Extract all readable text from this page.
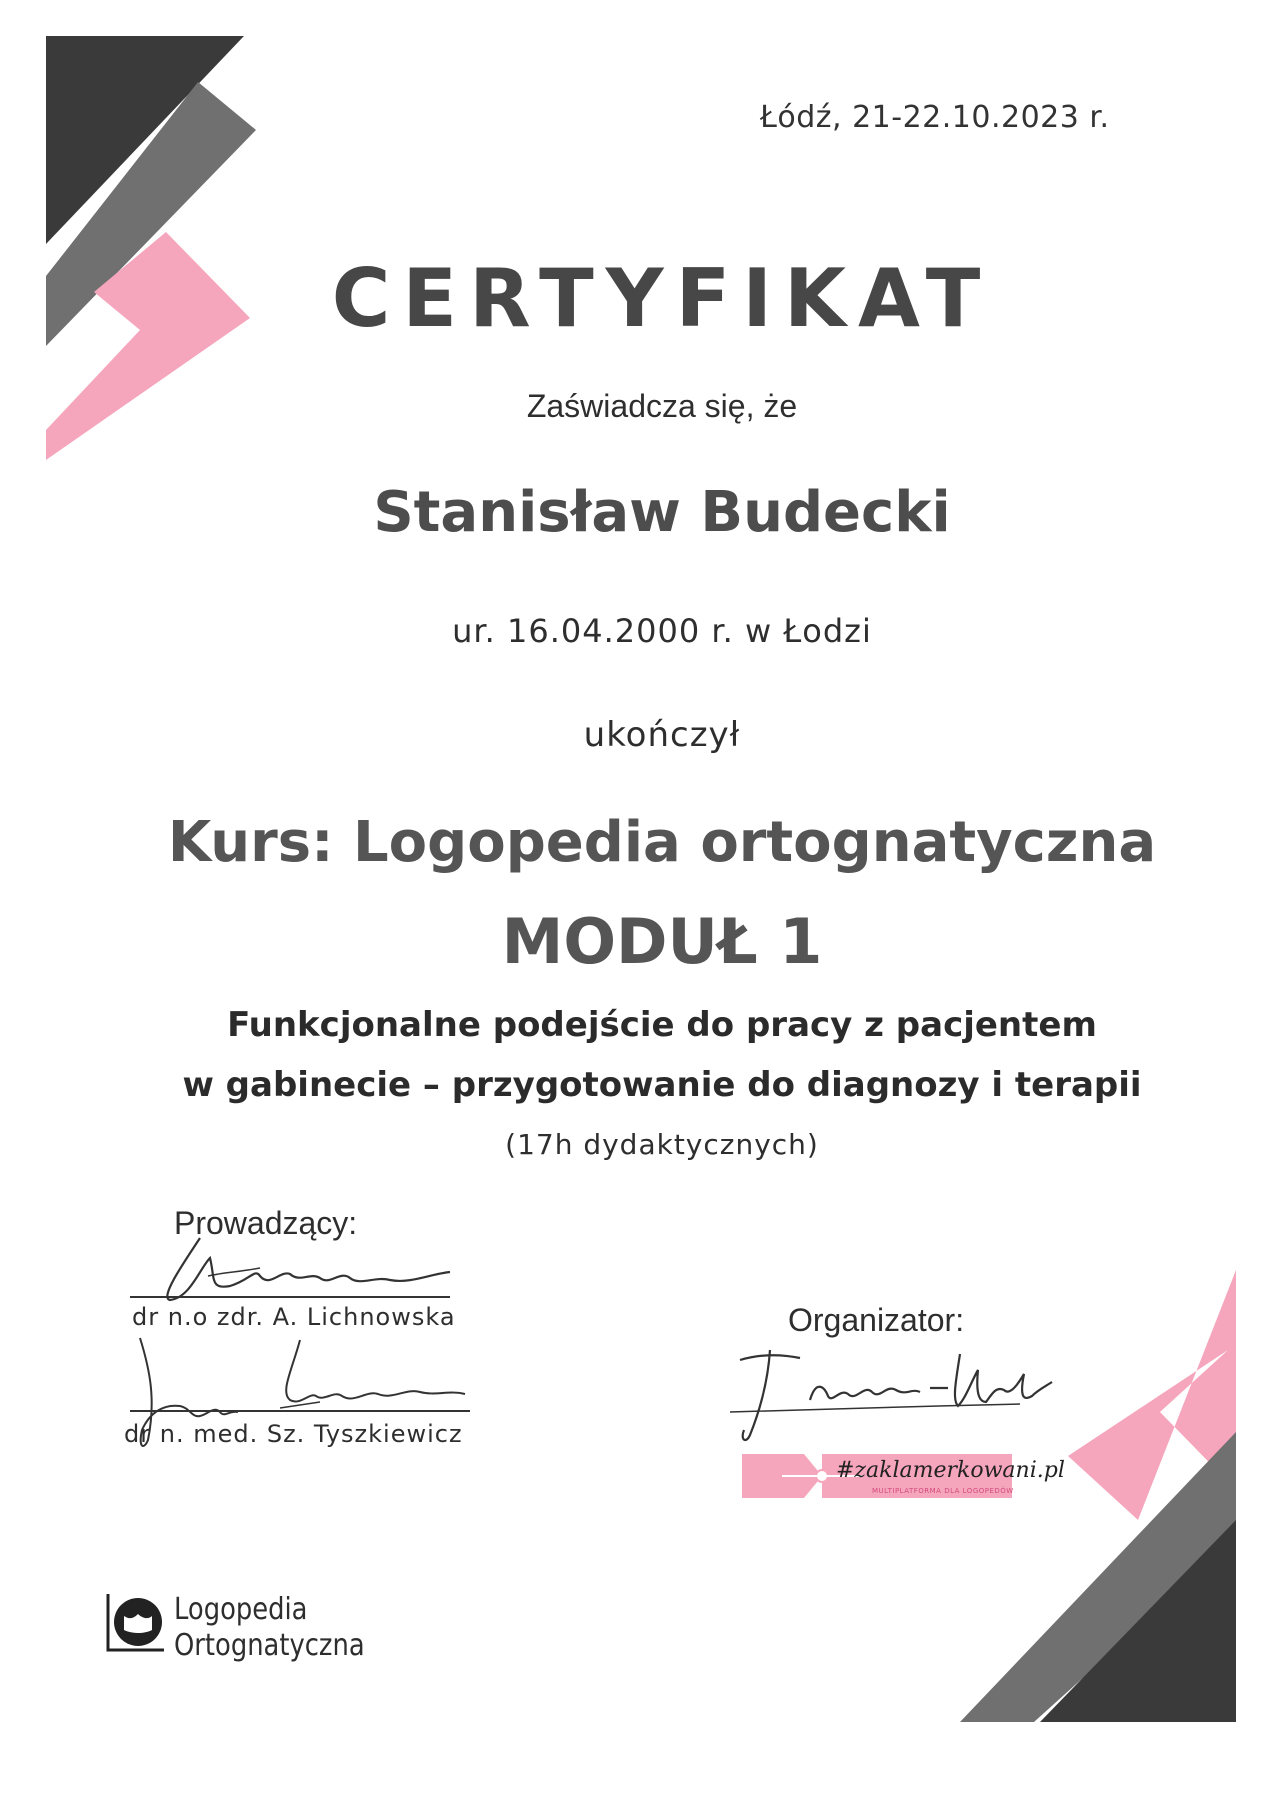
Łódź, 21-22.10.2023 r.
CERTYFIKAT
Zaświadcza się, że
Stanisław Budecki
ur. 16.04.2000 r. w Łodzi
ukończył
Kurs: Logopedia ortognatyczna
MODUŁ 1
Funkcjonalne podejście do pracy z pacjentem
w gabinecie – przygotowanie do diagnozy i terapii
(17h dydaktycznych)
Prowadzący:
dr n.o zdr. A. Lichnowska
dr n. med. Sz. Tyszkiewicz
Organizator:
#zaklamerkowani.pl
MULTIPLATFORMA DLA LOGOPEDÓW
Logopedia
Ortognatyczna
